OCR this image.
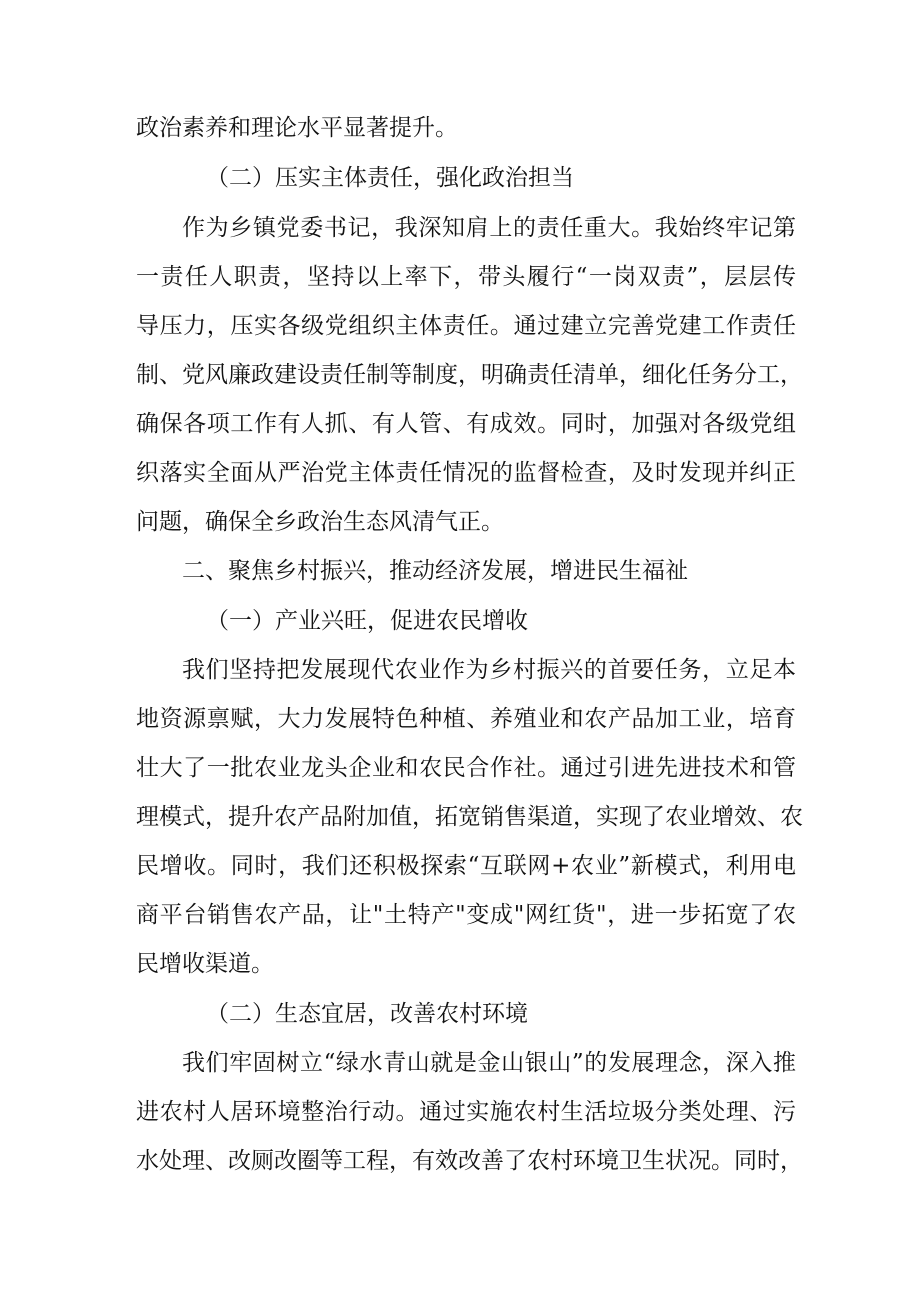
政治素养和理论水平显著提升。
（二）压实主体责任，强化政治担当
作为乡镇党委书记，我深知肩上的责任重大。我始终牢记第
一责任人职责，坚持以上率下，带头履行“一岗双责”，层层传
导压力，压实各级党组织主体责任。通过建立完善党建工作责任
制、党风廉政建设责任制等制度，明确责任清单，细化任务分工，
确保各项工作有人抓、有人管、有成效。同时，加强对各级党组
织落实全面从严治党主体责任情况的监督检查，及时发现并纠正
问题，确保全乡政治生态风清气正。
二、聚焦乡村振兴，推动经济发展，增进民生福祉
（一）产业兴旺，促进农民增收
我们坚持把发展现代农业作为乡村振兴的首要任务，立足本
地资源禀赋，大力发展特色种植、养殖业和农产品加工业，培育
壮大了一批农业龙头企业和农民合作社。通过引进先进技术和管
理模式，提升农产品附加值，拓宽销售渠道，实现了农业增效、农
民增收。同时，我们还积极探索“互联网+农业”新模式，利用电
商平台销售农产品，让"土特产"变成"网红货"，进一步拓宽了农
民增收渠道。
（二）生态宜居，改善农村环境
我们牢固树立“绿水青山就是金山银山”的发展理念，深入推
进农村人居环境整治行动。通过实施农村生活垃圾分类处理、污
水处理、改厕改圈等工程，有效改善了农村环境卫生状况。同时，
